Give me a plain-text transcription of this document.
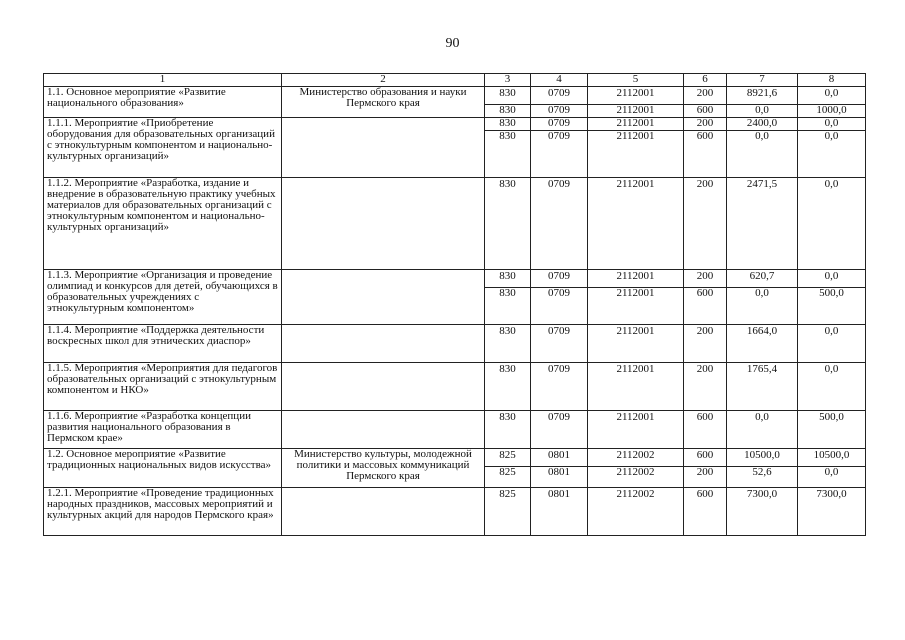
90
1	2	3	4	5	6	7	8
1.1. Основное мероприятие «Развитие национального образования»	Министерство образования и науки Пермского края	830	0709	2112001	200	8921,6	0,0
		830	0709	2112001	600	0,0	1000,0
1.1.1. Мероприятие «Приобретение оборудования для образовательных организаций с этнокультурным компонентом и национально-культурных организаций»		830	0709	2112001	200	2400,0	0,0
		830	0709	2112001	600	0,0	0,0
1.1.2. Мероприятие «Разработка, издание и внедрение в образовательную практику учебных материалов для образовательных организаций с этнокультурным компонентом и национально-культурных организаций»		830	0709	2112001	200	2471,5	0,0
1.1.3. Мероприятие «Организация и проведение олимпиад и конкурсов для детей, обучающихся в образовательных учреждениях с этнокультурным компонентом»		830	0709	2112001	200	620,7	0,0
		830	0709	2112001	600	0,0	500,0
1.1.4. Мероприятие «Поддержка деятельности воскресных школ для этнических диаспор»		830	0709	2112001	200	1664,0	0,0
1.1.5. Мероприятия «Мероприятия для педагогов образовательных организаций с этнокультурным компонентом и НКО»		830	0709	2112001	200	1765,4	0,0
1.1.6. Мероприятие «Разработка концепции развития национального образования в Пермском крае»		830	0709	2112001	600	0,0	500,0
1.2. Основное мероприятие «Развитие традиционных национальных видов искусства»	Министерство культуры, молодежной политики и массовых коммуникаций Пермского края	825	0801	2112002	600	10500,0	10500,0
		825	0801	2112002	200	52,6	0,0
1.2.1. Мероприятие «Проведение традиционных народных праздников, массовых мероприятий и культурных акций для народов Пермского края»		825	0801	2112002	600	7300,0	7300,0
